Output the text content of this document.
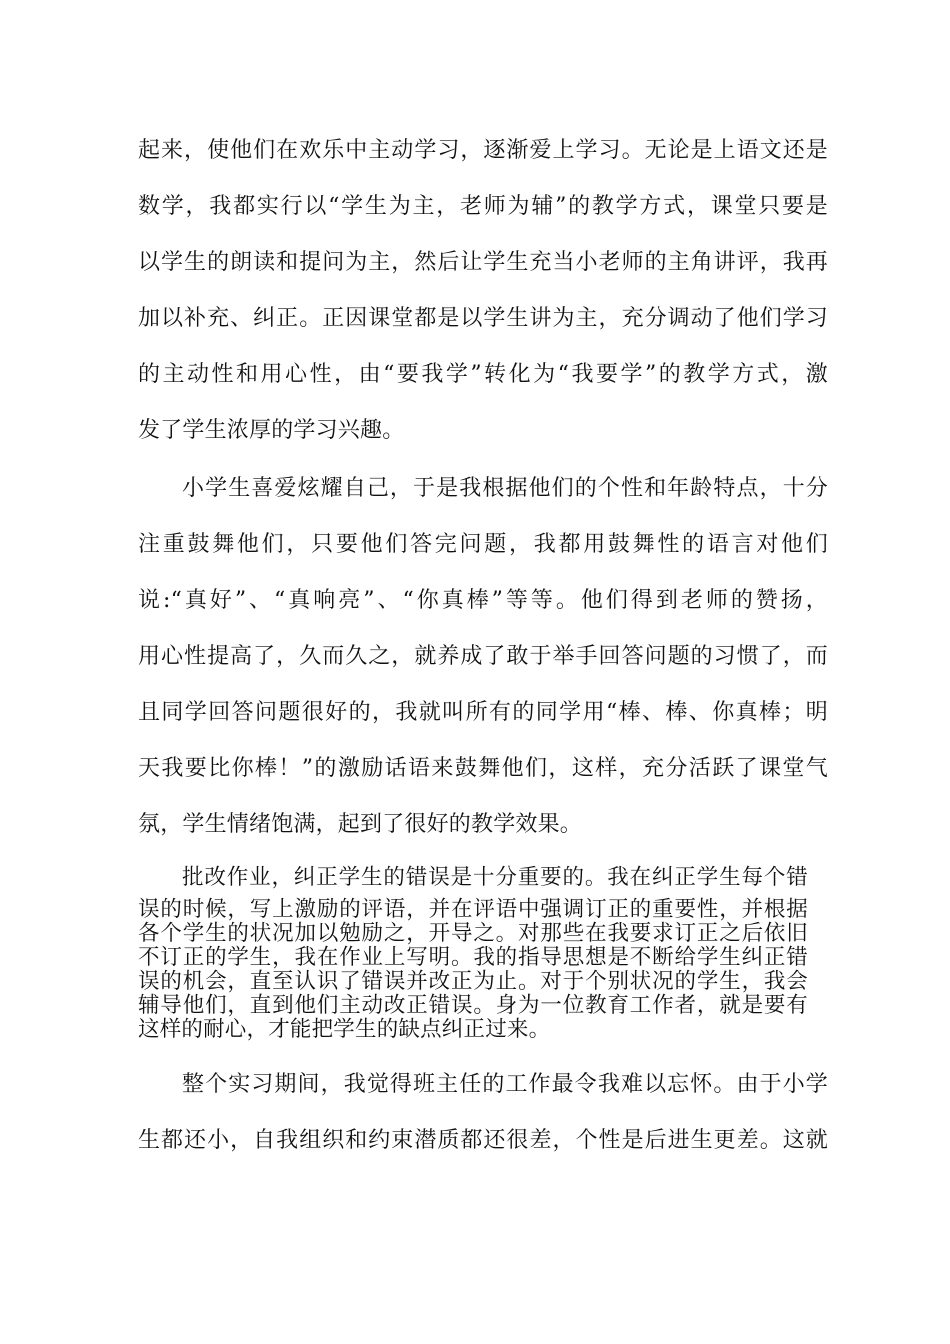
起来，使他们在欢乐中主动学习，逐渐爱上学习。无论是上语文还是
数学，我都实行以“学生为主，老师为辅”的教学方式，课堂只要是
以学生的朗读和提问为主，然后让学生充当小老师的主角讲评，我再
加以补充、纠正。正因课堂都是以学生讲为主，充分调动了他们学习
的主动性和用心性，由“要我学”转化为“我要学”的教学方式，激
发了学生浓厚的学习兴趣。
小学生喜爱炫耀自己，于是我根据他们的个性和年龄特点，十分
注重鼓舞他们，只要他们答完问题，我都用鼓舞性的语言对他们
说:“真好”、“真响亮”、“你真棒”等等。他们得到老师的赞扬，
用心性提高了，久而久之，就养成了敢于举手回答问题的习惯了，而
且同学回答问题很好的，我就叫所有的同学用“棒、棒、你真棒；明
天我要比你棒！”的激励话语来鼓舞他们，这样，充分活跃了课堂气
氛，学生情绪饱满，起到了很好的教学效果。
批改作业，纠正学生的错误是十分重要的。我在纠正学生每个错
误的时候，写上激励的评语，并在评语中强调订正的重要性，并根据
各个学生的状况加以勉励之，开导之。对那些在我要求订正之后依旧
不订正的学生，我在作业上写明。我的指导思想是不断给学生纠正错
误的机会，直至认识了错误并改正为止。对于个别状况的学生，我会
辅导他们，直到他们主动改正错误。身为一位教育工作者，就是要有
这样的耐心，才能把学生的缺点纠正过来。
整个实习期间，我觉得班主任的工作最令我难以忘怀。由于小学
生都还小，自我组织和约束潜质都还很差，个性是后进生更差。这就
